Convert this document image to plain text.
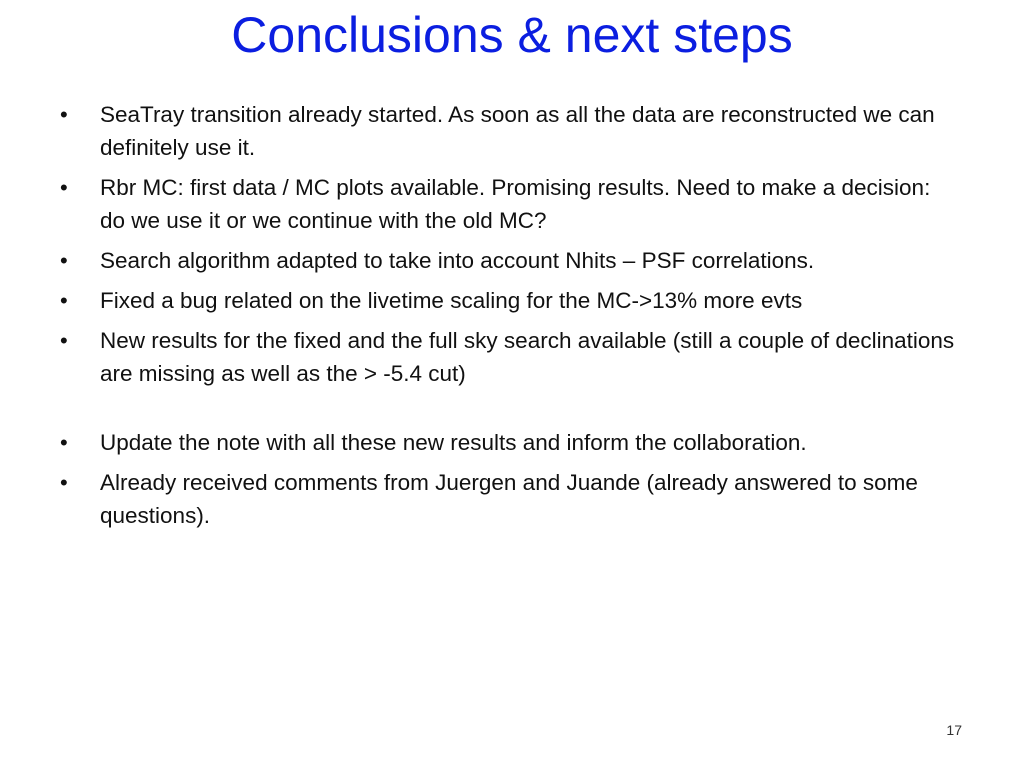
Conclusions & next steps
•	SeaTray transition already started. As soon as all the data are reconstructed we can definitely use it.
•	Rbr MC: first data / MC plots available. Promising results. Need to make a decision: do we use it or we continue with the old MC?
•	Search algorithm adapted to take into account Nhits – PSF correlations.
•	Fixed a bug related on the livetime scaling for the MC->13% more evts
•	New results for the fixed and the full sky search available (still a couple of declinations are missing as well as the > -5.4 cut)
•	Update the note with all these new results and inform the collaboration.
•	Already received comments from Juergen and Juande (already answered to some questions).
17
